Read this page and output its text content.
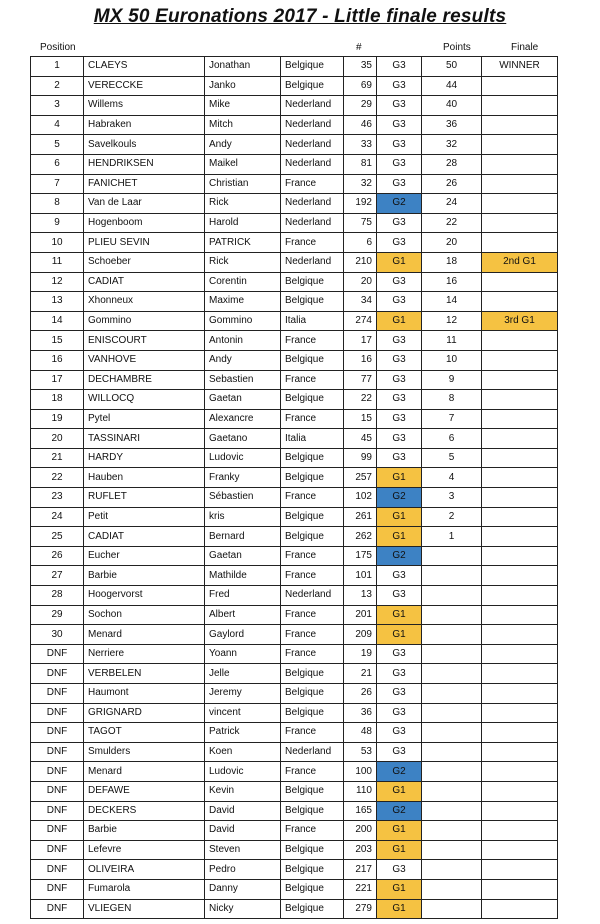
MX 50 Euronations 2017 - Little finale results
Position	#	Points	Finale
1	CLAEYS	Jonathan	Belgique	35	G3	50	WINNER
2	VERECCKE	Janko	Belgique	69	G3	44	
3	Willems	Mike	Nederland	29	G3	40	
4	Habraken	Mitch	Nederland	46	G3	36	
5	Savelkouls	Andy	Nederland	33	G3	32	
6	HENDRIKSEN	Maikel	Nederland	81	G3	28	
7	FANICHET	Christian	France	32	G3	26	
8	Van de Laar	Rick	Nederland	192	G2	24	
9	Hogenboom	Harold	Nederland	75	G3	22	
10	PLIEU SEVIN	PATRICK	France	6	G3	20	
11	Schoeber	Rick	Nederland	210	G1	18	2nd G1
12	CADIAT	Corentin	Belgique	20	G3	16	
13	Xhonneux	Maxime	Belgique	34	G3	14	
14	Gommino	Gommino	Italia	274	G1	12	3rd G1
15	ENISCOURT	Antonin	France	17	G3	11	
16	VANHOVE	Andy	Belgique	16	G3	10	
17	DECHAMBRE	Sebastien	France	77	G3	9	
18	WILLOCQ	Gaetan	Belgique	22	G3	8	
19	Pytel	Alexancre	France	15	G3	7	
20	TASSINARI	Gaetano	Italia	45	G3	6	
21	HARDY	Ludovic	Belgique	99	G3	5	
22	Hauben	Franky	Belgique	257	G1	4	
23	RUFLET	Sébastien	France	102	G2	3	
24	Petit	kris	Belgique	261	G1	2	
25	CADIAT	Bernard	Belgique	262	G1	1	
26	Eucher	Gaetan	France	175	G2		
27	Barbie	Mathilde	France	101	G3		
28	Hoogervorst	Fred	Nederland	13	G3		
29	Sochon	Albert	France	201	G1		
30	Menard	Gaylord	France	209	G1		
DNF	Nerriere	Yoann	France	19	G3		
DNF	VERBELEN	Jelle	Belgique	21	G3		
DNF	Haumont	Jeremy	Belgique	26	G3		
DNF	GRIGNARD	vincent	Belgique	36	G3		
DNF	TAGOT	Patrick	France	48	G3		
DNF	Smulders	Koen	Nederland	53	G3		
DNF	Menard	Ludovic	France	100	G2		
DNF	DEFAWE	Kevin	Belgique	110	G1		
DNF	DECKERS	David	Belgique	165	G2		
DNF	Barbie	David	France	200	G1		
DNF	Lefevre	Steven	Belgique	203	G1		
DNF	OLIVEIRA	Pedro	Belgique	217	G3		
DNF	Fumarola	Danny	Belgique	221	G1		
DNF	VLIEGEN	Nicky	Belgique	279	G1		
